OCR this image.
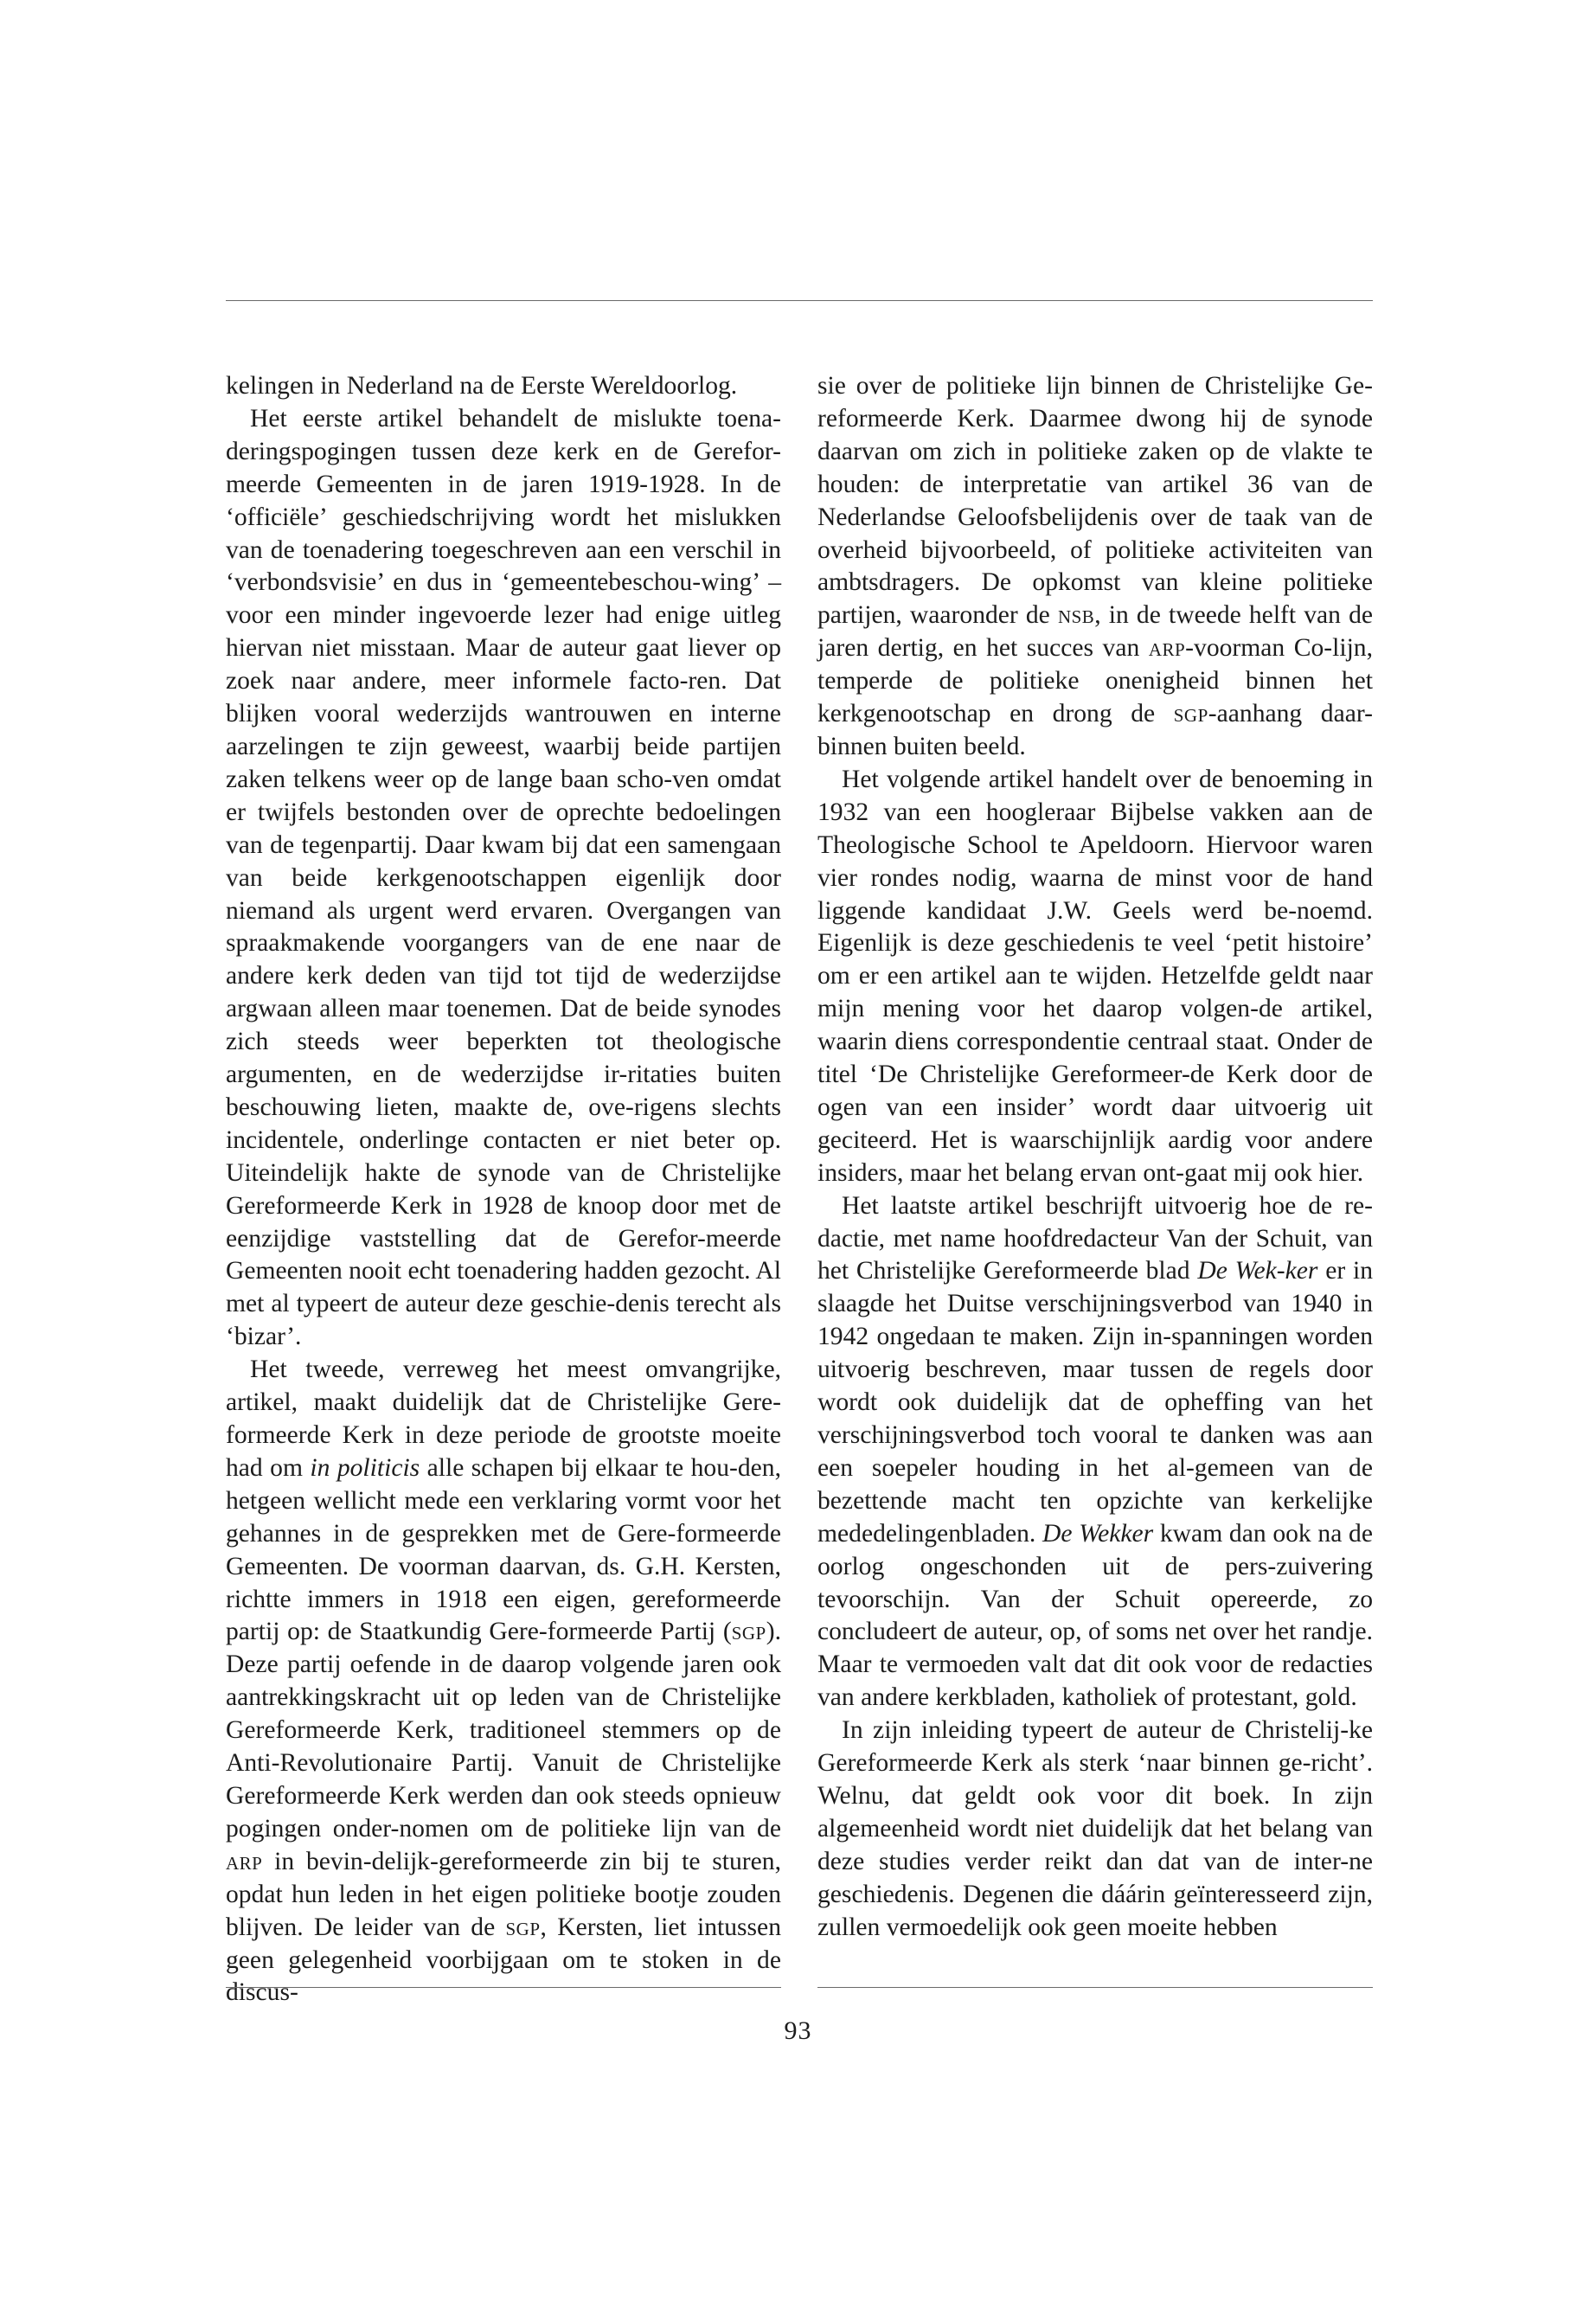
kelingen in Nederland na de Eerste Wereldoorlog.

Het eerste artikel behandelt de mislukte toena-deringspogingen tussen deze kerk en de Gerefor-meerde Gemeenten in de jaren 1919-1928. In de ‘officiële’ geschiedschrijving wordt het mislukken van de toenadering toegeschreven aan een verschil in ‘verbondsvisie’ en dus in ‘gemeentebeschou-wing’ – voor een minder ingevoerde lezer had enige uitleg hiervan niet misstaan. Maar de auteur gaat liever op zoek naar andere, meer informele facto-ren. Dat blijken vooral wederzijds wantrouwen en interne aarzelingen te zijn geweest, waarbij beide partijen zaken telkens weer op de lange baan scho-ven omdat er twijfels bestonden over de oprechte bedoelingen van de tegenpartij. Daar kwam bij dat een samengaan van beide kerkgenootschappen eigenlijk door niemand als urgent werd ervaren. Overgangen van spraakmakende voorgangers van de ene naar de andere kerk deden van tijd tot tijd de wederzijdse argwaan alleen maar toenemen. Dat de beide synodes zich steeds weer beperkten tot theologische argumenten, en de wederzijdse ir-ritaties buiten beschouwing lieten, maakte de, ove-rigens slechts incidentele, onderlinge contacten er niet beter op. Uiteindelijk hakte de synode van de Christelijke Gereformeerde Kerk in 1928 de knoop door met de eenzijdige vaststelling dat de Gerefor-meerde Gemeenten nooit echt toenadering hadden gezocht. Al met al typeert de auteur deze geschie-denis terecht als ‘bizar’.

Het tweede, verreweg het meest omvangrijke, artikel, maakt duidelijk dat de Christelijke Gere-formeerde Kerk in deze periode de grootste moeite had om in politicis alle schapen bij elkaar te hou-den, hetgeen wellicht mede een verklaring vormt voor het gehannes in de gesprekken met de Gere-formeerde Gemeenten. De voorman daarvan, ds. G.H. Kersten, richtte immers in 1918 een eigen, gereformeerde partij op: de Staatkundig Gere-formeerde Partij (sgp). Deze partij oefende in de daarop volgende jaren ook aantrekkingskracht uit op leden van de Christelijke Gereformeerde Kerk, traditioneel stemmers op de Anti-Revolutionaire Partij. Vanuit de Christelijke Gereformeerde Kerk werden dan ook steeds opnieuw pogingen onder-nomen om de politieke lijn van de arp in bevin-delijk-gereformeerde zin bij te sturen, opdat hun leden in het eigen politieke bootje zouden blijven. De leider van de sgp, Kersten, liet intussen geen gelegenheid voorbijgaan om te stoken in de discus-

sie over de politieke lijn binnen de Christelijke Ge-reformeerde Kerk. Daarmee dwong hij de synode daarvan om zich in politieke zaken op de vlakte te houden: de interpretatie van artikel 36 van de Nederlandse Geloofsbelijdenis over de taak van de overheid bijvoorbeeld, of politieke activiteiten van ambtsdragers. De opkomst van kleine politieke partijen, waaronder de nsb, in de tweede helft van de jaren dertig, en het succes van arp-voorman Co-lijn, temperde de politieke onenigheid binnen het kerkgenootschap en drong de sgp-aanhang daar-binnen buiten beeld.

Het volgende artikel handelt over de benoeming in 1932 van een hoogleraar Bijbelse vakken aan de Theologische School te Apeldoorn. Hiervoor waren vier rondes nodig, waarna de minst voor de hand liggende kandidaat J.W. Geels werd be-noemd. Eigenlijk is deze geschiedenis te veel ‘petit histoire’ om er een artikel aan te wijden. Hetzelfde geldt naar mijn mening voor het daarop volgen-de artikel, waarin diens correspondentie centraal staat. Onder de titel ‘De Christelijke Gereformeer-de Kerk door de ogen van een insider’ wordt daar uitvoerig uit geciteerd. Het is waarschijnlijk aardig voor andere insiders, maar het belang ervan ont-gaat mij ook hier.

Het laatste artikel beschrijft uitvoerig hoe de re-dactie, met name hoofdredacteur Van der Schuit, van het Christelijke Gereformeerde blad De Wek-ker er in slaagde het Duitse verschijningsverbod van 1940 in 1942 ongedaan te maken. Zijn in-spanningen worden uitvoerig beschreven, maar tussen de regels door wordt ook duidelijk dat de opheffing van het verschijningsverbod toch vooral te danken was aan een soepeler houding in het al-gemeen van de bezettende macht ten opzichte van kerkelijke mededelingenbladen. De Wekker kwam dan ook na de oorlog ongeschonden uit de pers-zuivering tevoorschijn. Van der Schuit opereerde, zo concludeert de auteur, op, of soms net over het randje. Maar te vermoeden valt dat dit ook voor de redacties van andere kerkbladen, katholiek of protestant, gold.

In zijn inleiding typeert de auteur de Christelij-ke Gereformeerde Kerk als sterk ‘naar binnen ge-richt’. Welnu, dat geldt ook voor dit boek. In zijn algemeenheid wordt niet duidelijk dat het belang van deze studies verder reikt dan dat van de inter-ne geschiedenis. Degenen die dáárin geïnteresseerd zijn, zullen vermoedelijk ook geen moeite hebben

93
